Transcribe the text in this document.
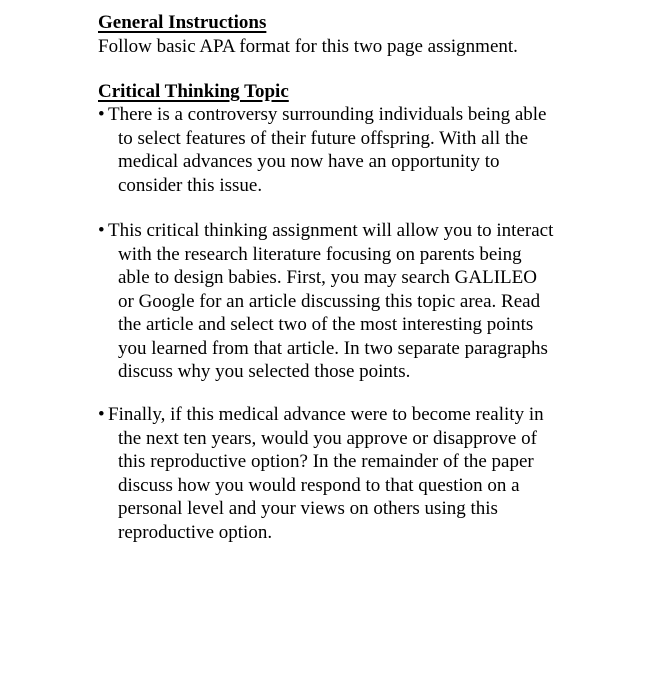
General Instructions
Follow basic APA format for this two page assignment.
Critical Thinking Topic
• There is a controversy surrounding individuals being able
to select features of their future offspring. With all the
medical advances you now have an opportunity to
consider this issue.
• This critical thinking assignment will allow you to interact
with the research literature focusing on parents being
able to design babies. First, you may search GALILEO
or Google for an article discussing this topic area. Read
the article and select two of the most interesting points
you learned from that article. In two separate paragraphs
discuss why you selected those points.
• Finally, if this medical advance were to become reality in
the next ten years, would you approve or disapprove of
this reproductive option? In the remainder of the paper
discuss how you would respond to that question on a
personal level and your views on others using this
reproductive option.
